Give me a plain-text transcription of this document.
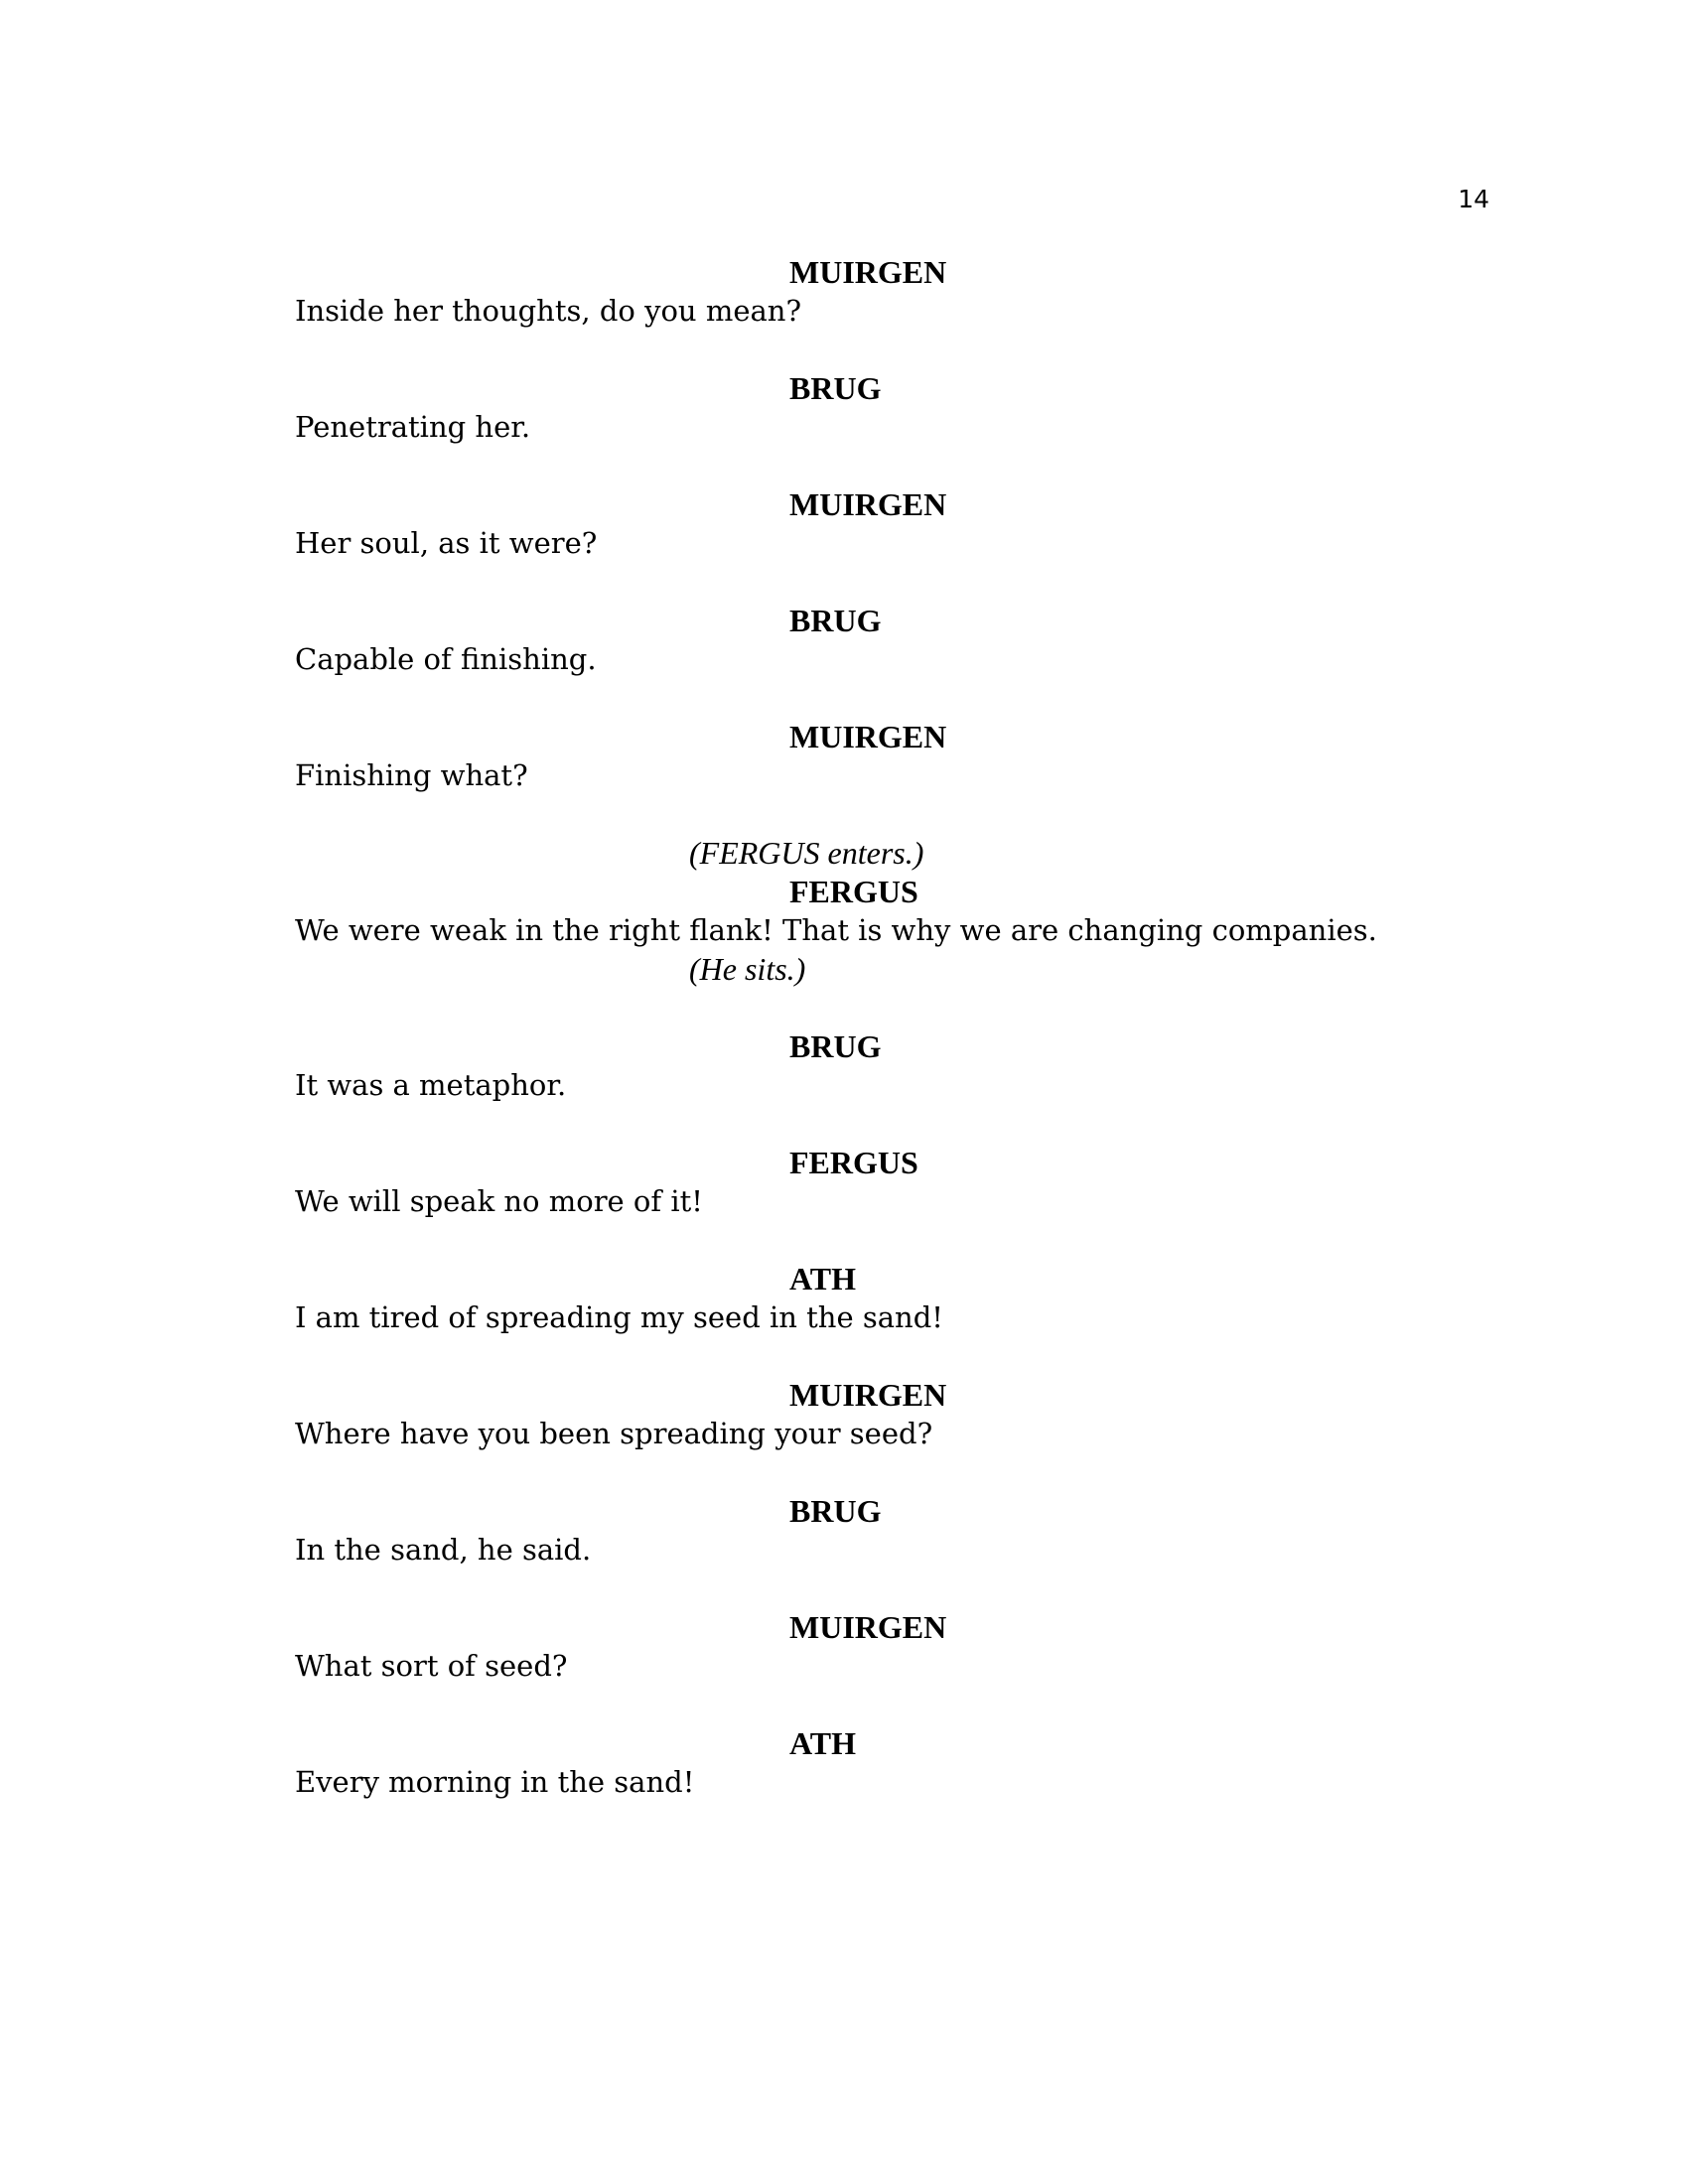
14
MUIRGEN
Inside her thoughts, do you mean?
BRUG
Penetrating her.
MUIRGEN
Her soul, as it were?
BRUG
Capable of finishing.
MUIRGEN
Finishing what?
(FERGUS enters.)
FERGUS
We were weak in the right flank! That is why we are changing companies.
(He sits.)
BRUG
It was a metaphor.
FERGUS
We will speak no more of it!
ATH
I am tired of spreading my seed in the sand!
MUIRGEN
Where have you been spreading your seed?
BRUG
In the sand, he said.
MUIRGEN
What sort of seed?
ATH
Every morning in the sand!
